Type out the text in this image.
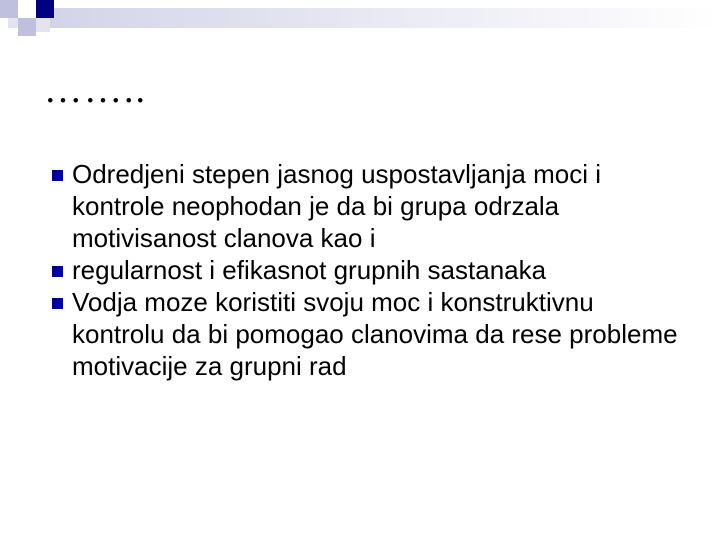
……..
Odredjeni stepen jasnog uspostavljanja moci i kontrole neophodan je da bi grupa odrzala motivisanost clanova kao i
regularnost i efikasnot grupnih sastanaka
Vodja moze koristiti svoju moc i konstruktivnu kontrolu da bi pomogao clanovima da rese probleme motivacije za grupni rad
